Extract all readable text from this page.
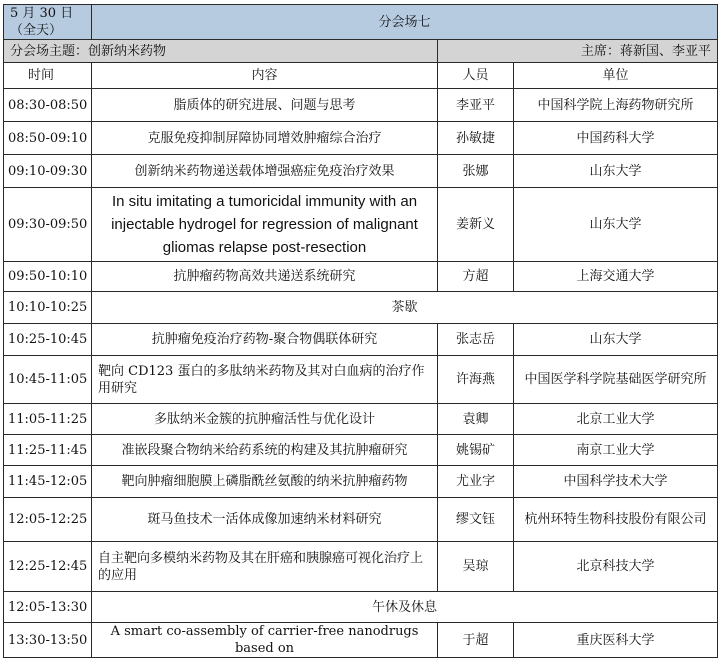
5 月 30 日（全天）	分会场七		
分会场主题：创新纳米药物		主席：蒋新国、李亚平	
时间	内容	人员	单位
08:30-08:50	脂质体的研究进展、问题与思考	李亚平	中国科学院上海药物研究所
08:50-09:10	克服免疫抑制屏障协同增效肿瘤综合治疗	孙敏捷	中国药科大学
09:10-09:30	创新纳米药物递送载体增强癌症免疫治疗效果	张娜	山东大学
09:30-09:50	In situ imitating a tumoricidal immunity with an injectable hydrogel for regression of malignant gliomas relapse post-resection	姜新义	山东大学
09:50-10:10	抗肿瘤药物高效共递送系统研究	方超	上海交通大学
10:10-10:25	茶歇		
10:25-10:45	抗肿瘤免疫治疗药物-聚合物偶联体研究	张志岳	山东大学
10:45-11:05	靶向 CD123 蛋白的多肽纳米药物及其对白血病的治疗作用研究	许海燕	中国医学科学院基础医学研究所
11:05-11:25	多肽纳米金簇的抗肿瘤活性与优化设计	袁卿	北京工业大学
11:25-11:45	准嵌段聚合物纳米给药系统的构建及其抗肿瘤研究	姚锡矿	南京工业大学
11:45-12:05	靶向肿瘤细胞膜上磷脂酰丝氨酸的纳米抗肿瘤药物	尤业字	中国科学技术大学
12:05-12:25	斑马鱼技术一活体成像加速纳米材料研究	缪文钰	杭州环特生物科技股份有限公司
12:25-12:45	自主靶向多模纳米药物及其在肝癌和胰腺癌可视化治疗上的应用	吴琼	北京科技大学
12:05-13:30	午休及休息		
13:30-13:50	A smart co-assembly of carrier-free nanodrugs based on	于超	重庆医科大学
